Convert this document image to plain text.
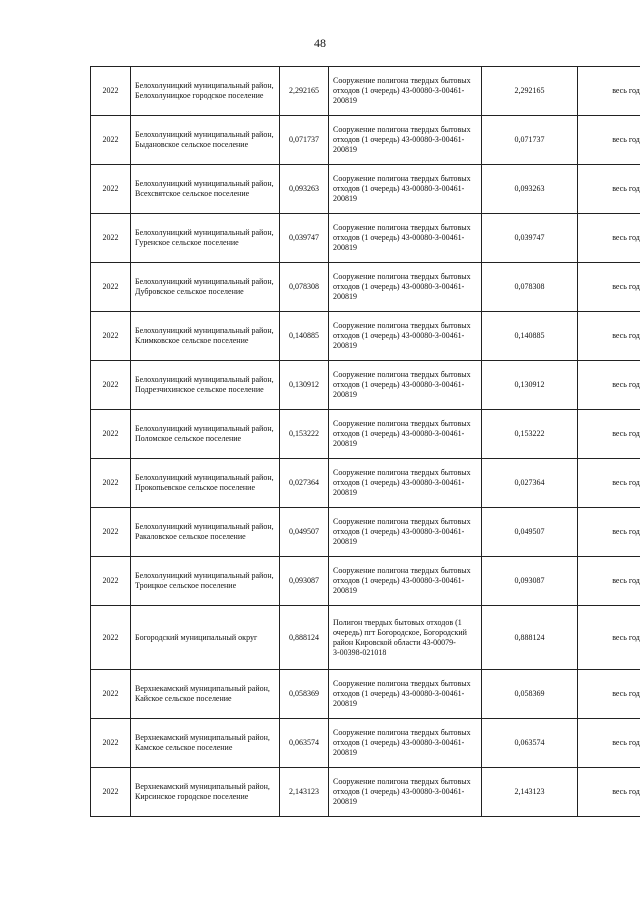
48
2022	Белохолуницкий муниципальный район, Белохолуницкое городское поселение	2,292165	Сооружение полигона твердых бытовых отходов (1 очередь) 43-00080-З-00461-200819	2,292165	весь год
2022	Белохолуницкий муниципальный район, Быдановское сельское поселение	0,071737	Сооружение полигона твердых бытовых отходов (1 очередь) 43-00080-З-00461-200819	0,071737	весь год
2022	Белохолуницкий муниципальный район, Всехсвятское сельское поселение	0,093263	Сооружение полигона твердых бытовых отходов (1 очередь) 43-00080-З-00461-200819	0,093263	весь год
2022	Белохолуницкий муниципальный район, Гуренское сельское поселение	0,039747	Сооружение полигона твердых бытовых отходов (1 очередь) 43-00080-З-00461-200819	0,039747	весь год
2022	Белохолуницкий муниципальный район, Дубровское сельское поселение	0,078308	Сооружение полигона твердых бытовых отходов (1 очередь) 43-00080-З-00461-200819	0,078308	весь год
2022	Белохолуницкий муниципальный район, Климковское сельское поселение	0,140885	Сооружение полигона твердых бытовых отходов (1 очередь) 43-00080-З-00461-200819	0,140885	весь год
2022	Белохолуницкий муниципальный район, Подрезчихинское сельское поселение	0,130912	Сооружение полигона твердых бытовых отходов (1 очередь) 43-00080-З-00461-200819	0,130912	весь год
2022	Белохолуницкий муниципальный район, Поломское сельское поселение	0,153222	Сооружение полигона твердых бытовых отходов (1 очередь) 43-00080-З-00461-200819	0,153222	весь год
2022	Белохолуницкий муниципальный район, Прокопьевское сельское поселение	0,027364	Сооружение полигона твердых бытовых отходов (1 очередь) 43-00080-З-00461-200819	0,027364	весь год
2022	Белохолуницкий муниципальный район, Ракаловское сельское поселение	0,049507	Сооружение полигона твердых бытовых отходов (1 очередь) 43-00080-З-00461-200819	0,049507	весь год
2022	Белохолуницкий муниципальный район, Троицкое сельское поселение	0,093087	Сооружение полигона твердых бытовых отходов (1 очередь) 43-00080-З-00461-200819	0,093087	весь год
2022	Богородский муниципальный округ	0,888124	Полигон твердых бытовых отходов (1 очередь) пгт Богородское, Богородский район Кировской области 43-00079-З-00398-021018	0,888124	весь год
2022	Верхнекамский муниципальный район, Кайское сельское поселение	0,058369	Сооружение полигона твердых бытовых отходов (1 очередь) 43-00080-З-00461-200819	0,058369	весь год
2022	Верхнекамский муниципальный район, Камское сельское поселение	0,063574	Сооружение полигона твердых бытовых отходов (1 очередь) 43-00080-З-00461-200819	0,063574	весь год
2022	Верхнекамский муниципальный район, Кирсинское городское поселение	2,143123	Сооружение полигона твердых бытовых отходов (1 очередь) 43-00080-З-00461-200819	2,143123	весь год
